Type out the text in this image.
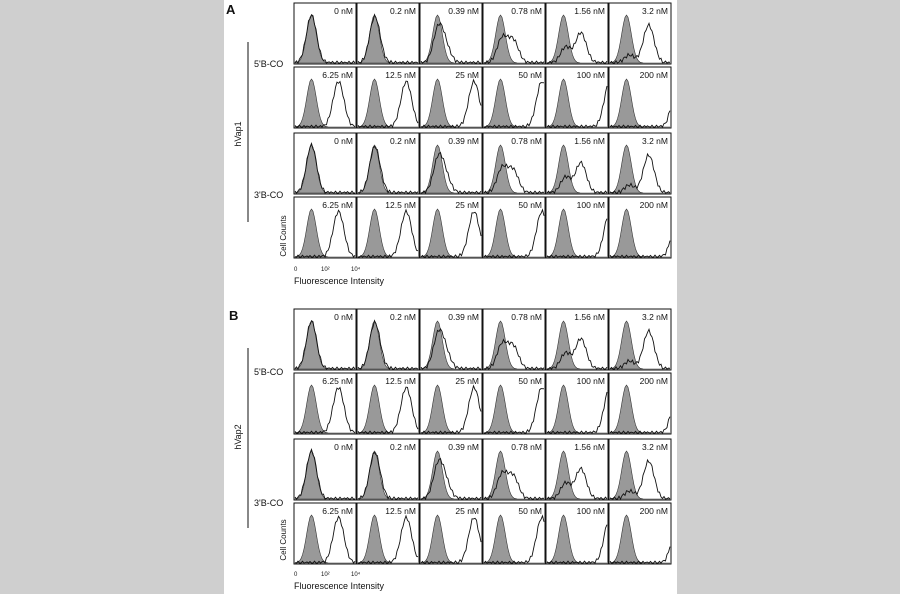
A
hVap1
5'B-CO
3'B-CO
Cell Counts
0	10²	10⁴
Fluorescence Intensity
0 nM	0.2 nM	0.39 nM	0.78 nM	1.56 nM	3.2 nM
6.25 nM	12.5 nM	25 nM	50 nM	100 nM	200 nM
0 nM	0.2 nM	0.39 nM	0.78 nM	1.56 nM	3.2 nM
6.25 nM	12.5 nM	25 nM	50 nM	100 nM	200 nM
B
hVap2
5'B-CO
3'B-CO
Cell Counts
0	10²	10⁴
Fluorescence Intensity
0 nM	0.2 nM	0.39 nM	0.78 nM	1.56 nM	3.2 nM
6.25 nM	12.5 nM	25 nM	50 nM	100 nM	200 nM
0 nM	0.2 nM	0.39 nM	0.78 nM	1.56 nM	3.2 nM
6.25 nM	12.5 nM	25 nM	50 nM	100 nM	200 nM
